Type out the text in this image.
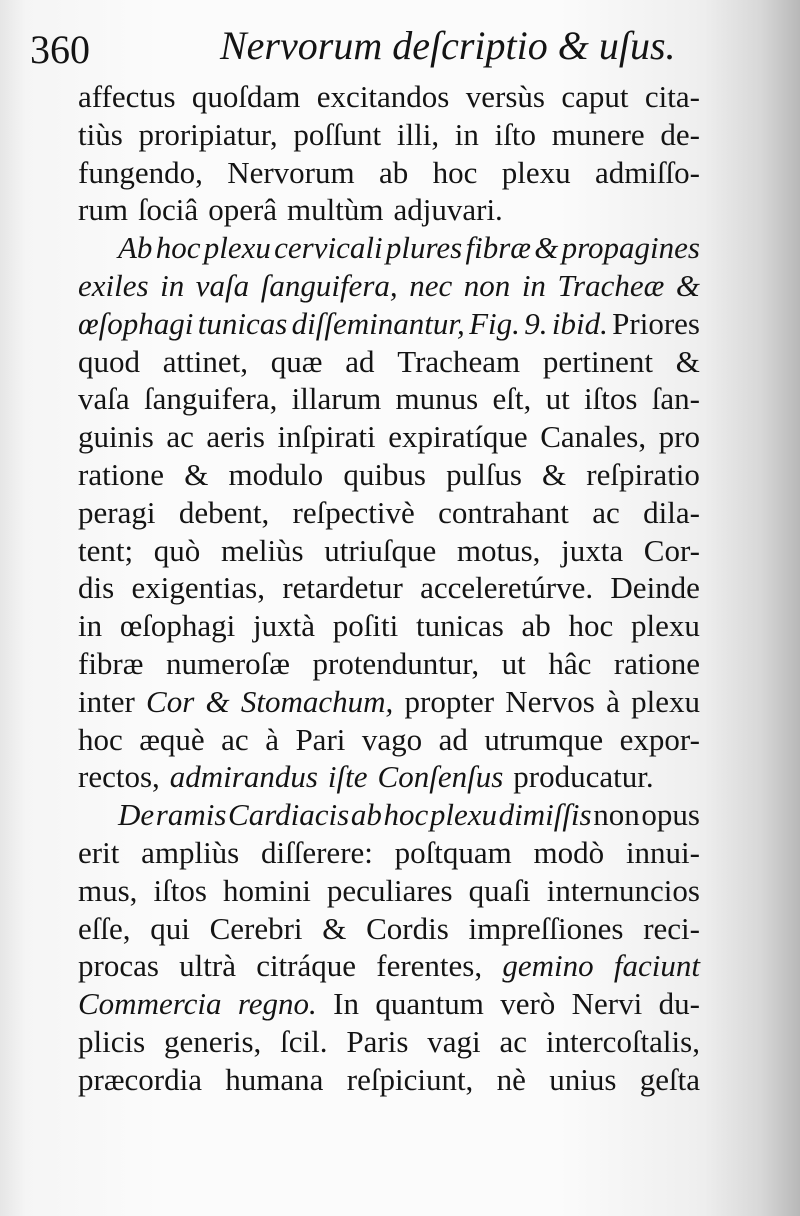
360	Nervorum deſcriptio & uſus.
affectus quoſdam excitandos versùs caput cita-
tiùs proripiatur, poſſunt illi, in iſto munere de-
fungendo, Nervorum ab hoc plexu admiſſo-
rum ſociâ operâ multùm adjuvari.
Ab hoc plexu cervicali plures fibræ & propagines
exiles in vaſa ſanguifera, nec non in Tracheæ &
œſophagi tunicas diſſeminantur, Fig. 9. ibid. Priores
quod attinet, quæ ad Tracheam pertinent &
vaſa ſanguifera, illarum munus eſt, ut iſtos ſan-
guinis ac aeris inſpirati expiratíque Canales, pro
ratione & modulo quibus pulſus & reſpiratio
peragi debent, reſpectivè contrahant ac dila-
tent; quò meliùs utriuſque motus, juxta Cor-
dis exigentias, retardetur acceleretúrve. Deinde
in œſophagi juxtà poſiti tunicas ab hoc plexu
fibræ numeroſæ protenduntur, ut hâc ratione
inter Cor & Stomachum, propter Nervos à plexu
hoc æquè ac à Pari vago ad utrumque expor-
rectos, admirandus iſte Conſenſus producatur.
De ramis Cardiacis ab hoc plexu dimiſſis non opus
erit ampliùs diſſerere: poſtquam modò innui-
mus, iſtos homini peculiares quaſi internuncios
eſſe, qui Cerebri & Cordis impreſſiones reci-
procas ultrà citráque ferentes, gemino faciunt
Commercia regno. In quantum verò Nervi du-
plicis generis, ſcil. Paris vagi ac intercoſtalis,
præcordia humana reſpiciunt, nè unius geſta
